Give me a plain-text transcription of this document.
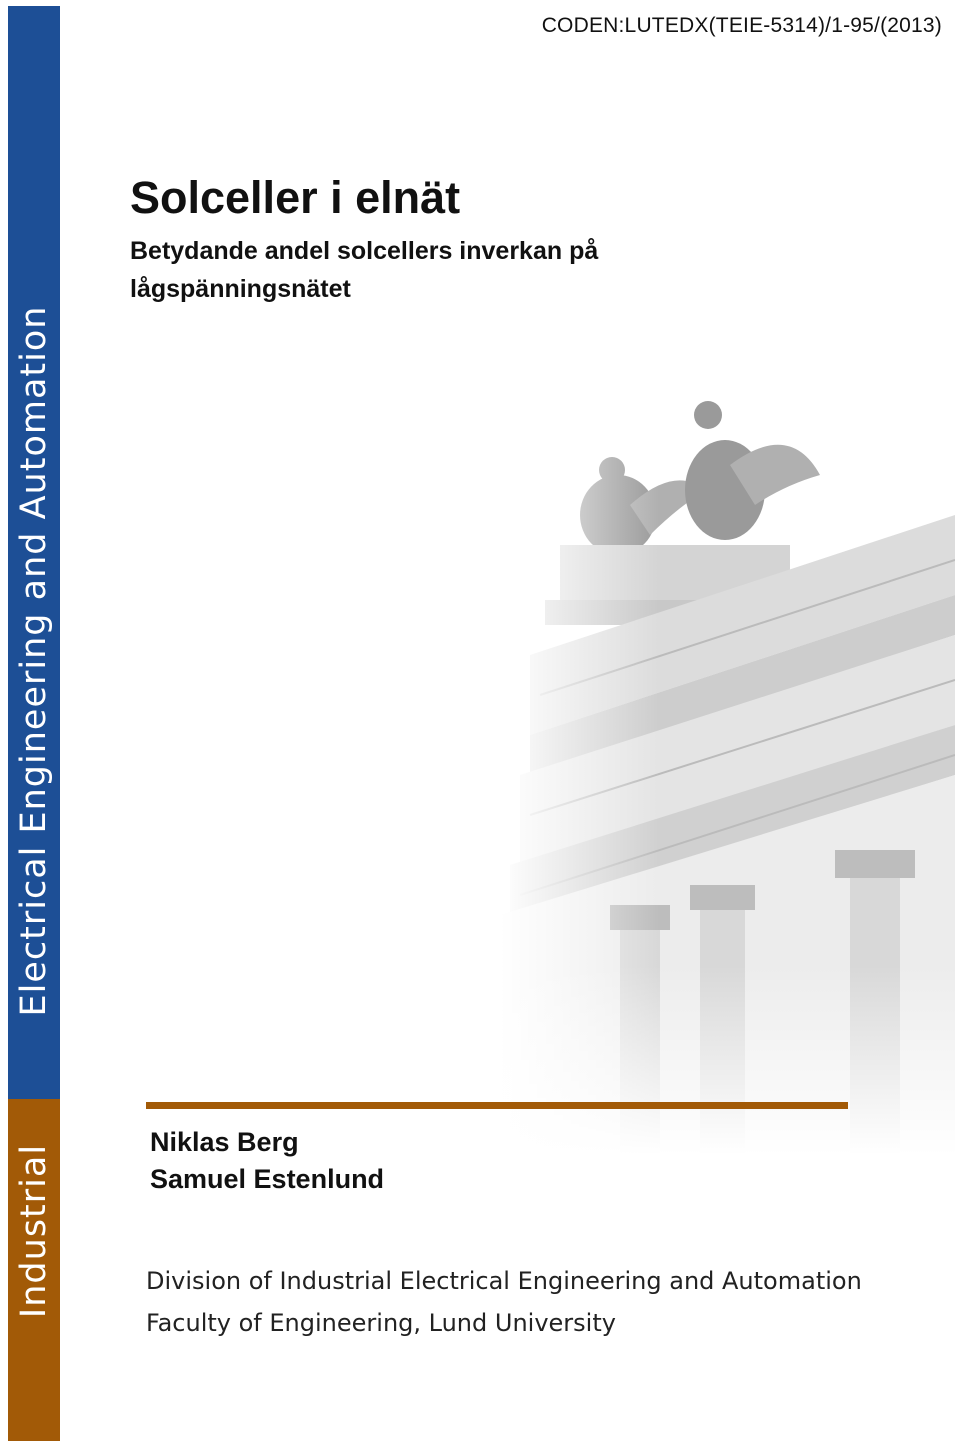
Electrical Engineering and Automation
Industrial
CODEN:LUTEDX(TEIE-5314)/1-95/(2013)
Solceller i elnät
Betydande andel solcellers inverkan på lågspänningsnätet
Niklas Berg
Samuel Estenlund
Division of Industrial Electrical Engineering and Automation
Faculty of Engineering, Lund University
